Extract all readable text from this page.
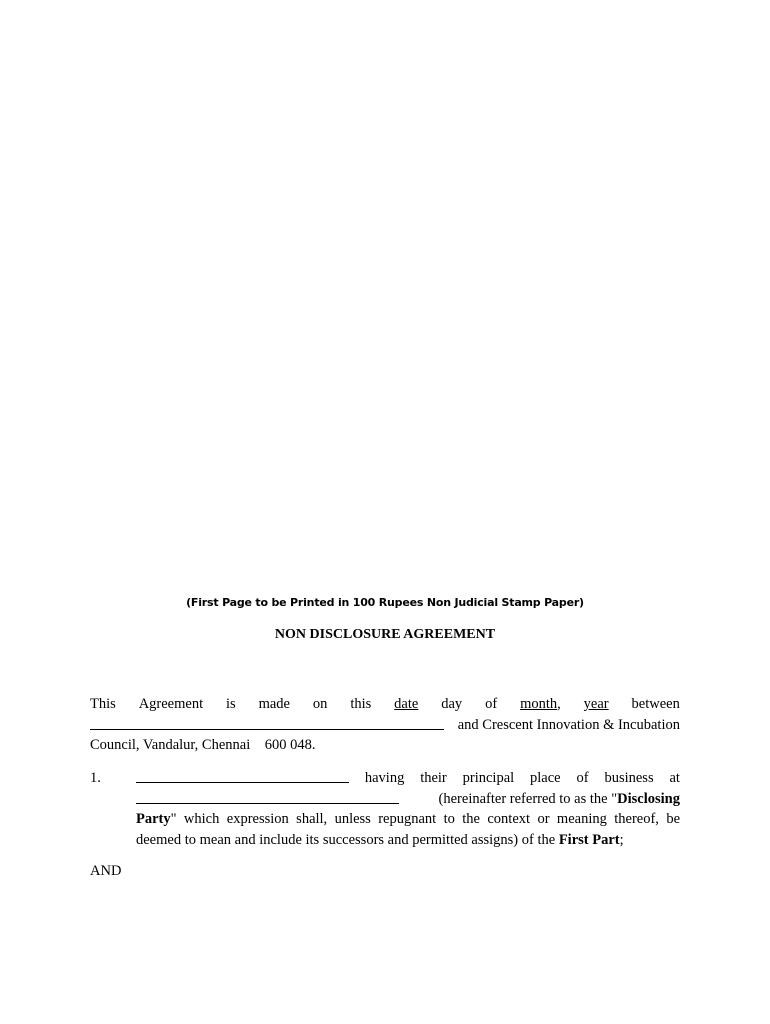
(First Page to be Printed in 100 Rupees Non Judicial Stamp Paper)
NON DISCLOSURE AGREEMENT
This Agreement is made on this date day of month, year between
and Crescent Innovation & Incubation
Council, Vandalur, Chennai    600 048.
1.	having their principal place of business at
(hereinafter referred to as the "Disclosing
Party" which expression shall, unless repugnant to the context or meaning thereof, be
deemed to mean and include its successors and permitted assigns) of the First Part;
AND
